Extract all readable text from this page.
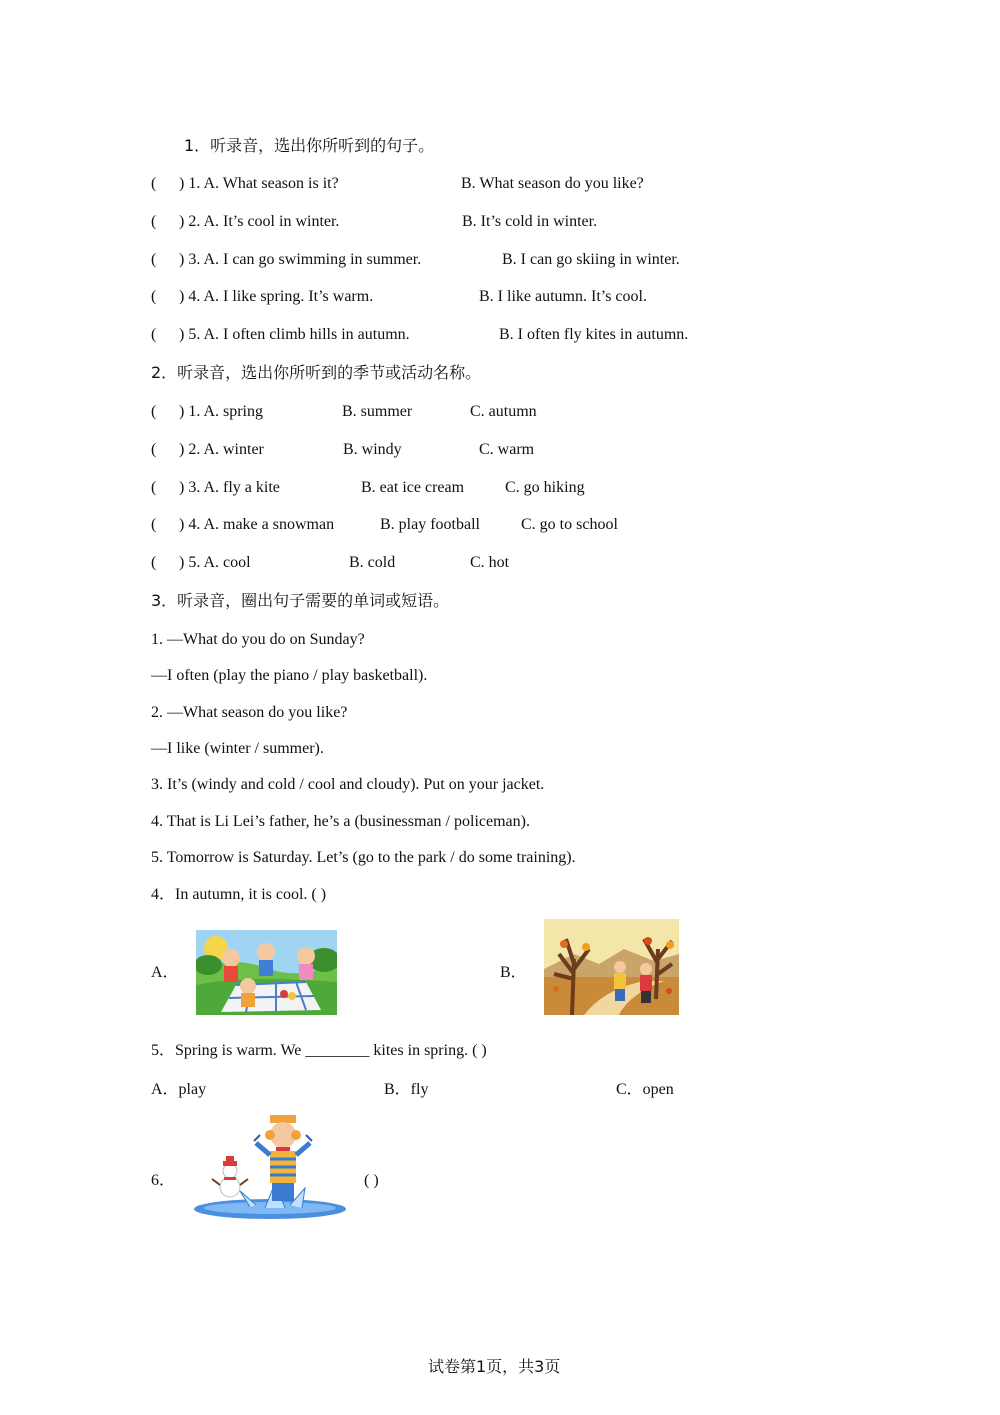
1．听录音，选出你所听到的句子。
( ) 1. A. What season is it?	B. What season do you like?
( ) 2. A. It’s cool in winter.	B. It’s cold in winter.
( ) 3. A. I can go swimming in summer.	B. I can go skiing in winter.
( ) 4. A. I like spring. It’s warm.	B. I like autumn. It’s cool.
( ) 5. A. I often climb hills in autumn.	B. I often fly kites in autumn.
2．听录音，选出你所听到的季节或活动名称。
( ) 1. A. spring	B. summer	C. autumn
( ) 2. A. winter	B. windy	C. warm
( ) 3. A. fly a kite	B. eat ice cream	C. go hiking
( ) 4. A. make a snowman	B. play football	C. go to school
( ) 5. A. cool	B. cold	C. hot
3．听录音，圈出句子需要的单词或短语。
1. —What do you do on Sunday?
—I often (play the piano / play basketball).
2. —What season do you like?
—I like (winter / summer).
3. It’s (windy and cold / cool and cloudy). Put on your jacket.
4. That is Li Lei’s father, he’s a (businessman / policeman).
5. Tomorrow is Saturday. Let’s (go to the park / do some training).
4．In autumn, it is cool. ( )
A．	B．
5．Spring is warm. We ________ kites in spring. ( )
A．play	B．fly	C．open
6．	( )
试卷第1页，共3页
